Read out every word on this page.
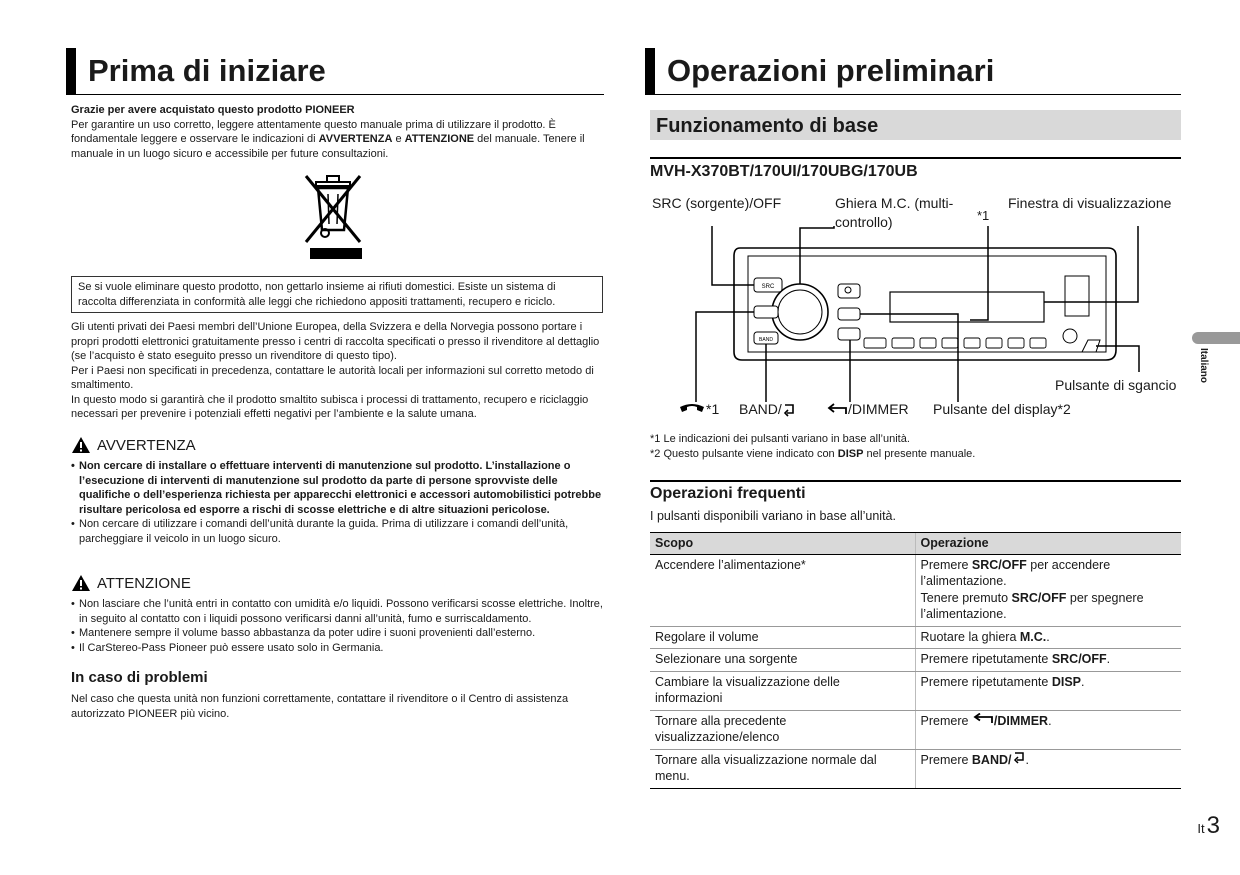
Prima di iniziare

Grazie per avere acquistato questo prodotto PIONEER

Per garantire un uso corretto, leggere attentamente questo manuale prima di utilizzare il prodotto. È fondamentale leggere e osservare le indicazioni di AVVERTENZA e ATTENZIONE del manuale. Tenere il manuale in un luogo sicuro e accessibile per future consultazioni.

Se si vuole eliminare questo prodotto, non gettarlo insieme ai rifiuti domestici. Esiste un sistema di raccolta differenziata in conformità alle leggi che richiedono appositi trattamenti, recupero e riciclo.

Gli utenti privati dei Paesi membri dell’Unione Europea, della Svizzera e della Norvegia possono portare i propri prodotti elettronici gratuitamente presso i centri di raccolta specificati o presso il rivenditore al dettaglio (se l’acquisto è stato eseguito presso un rivenditore di questo tipo).

Per i Paesi non specificati in precedenza, contattare le autorità locali per informazioni sul corretto metodo di smaltimento.

In questo modo si garantirà che il prodotto smaltito subisca i processi di trattamento, recupero e riciclaggio necessari per prevenire i potenziali effetti negativi per l’ambiente e la salute umana.

AVVERTENZA
• Non cercare di installare o effettuare interventi di manutenzione sul prodotto. L’installazione o l’esecuzione di interventi di manutenzione sul prodotto da parte di persone sprovviste delle qualifiche o dell’esperienza richiesta per apparecchi elettronici e accessori automobilistici potrebbe risultare pericolosa ed esporre a rischi di scosse elettriche e di altre situazioni pericolose.
• Non cercare di utilizzare i comandi dell’unità durante la guida. Prima di utilizzare i comandi dell’unità, parcheggiare il veicolo in un luogo sicuro.
ATTENZIONE
• Non lasciare che l’unità entri in contatto con umidità e/o liquidi. Possono verificarsi scosse elettriche. Inoltre, in seguito al contatto con i liquidi possono verificarsi danni all’unità, fumo e surriscaldamento.
• Mantenere sempre il volume basso abbastanza da poter udire i suoni provenienti dall’esterno.
• Il CarStereo-Pass Pioneer può essere usato solo in Germania.
In caso di problemi

Nel caso che questa unità non funzioni correttamente, contattare il rivenditore o il Centro di assistenza autorizzato PIONEER più vicino.

Operazioni preliminari
Funzionamento di base
MVH-X370BT/170UI/170UBG/170UB
SRC (sorgente)/OFF	Ghiera M.C. (multi-
controllo)	*1
Finestra di visualizzazione
Pulsante di sgancio
SRC
BAND
*1 BAND/	/DIMMER Pulsante del display*2
*1 Le indicazioni dei pulsanti variano in base all’unità.
*2 Questo pulsante viene indicato con DISP nel presente manuale.
Operazioni frequenti
I pulsanti disponibili variano in base all’unità.
Scopo	Operazione
Accendere l’alimentazione*	Premere SRC/OFF per accendere l’alimentazione.
Tenere premuto SRC/OFF per spegnere l’alimentazione.
Regolare il volume	Ruotare la ghiera M.C..
Selezionare una sorgente	Premere ripetutamente SRC/OFF.
Cambiare la visualizzazione delle informazioni	Premere ripetutamente DISP.
Tornare alla precedente visualizzazione/elenco	Premere /DIMMER.
Tornare alla visualizzazione normale dal menu.	Premere BAND/ .
Italiano
It 3
